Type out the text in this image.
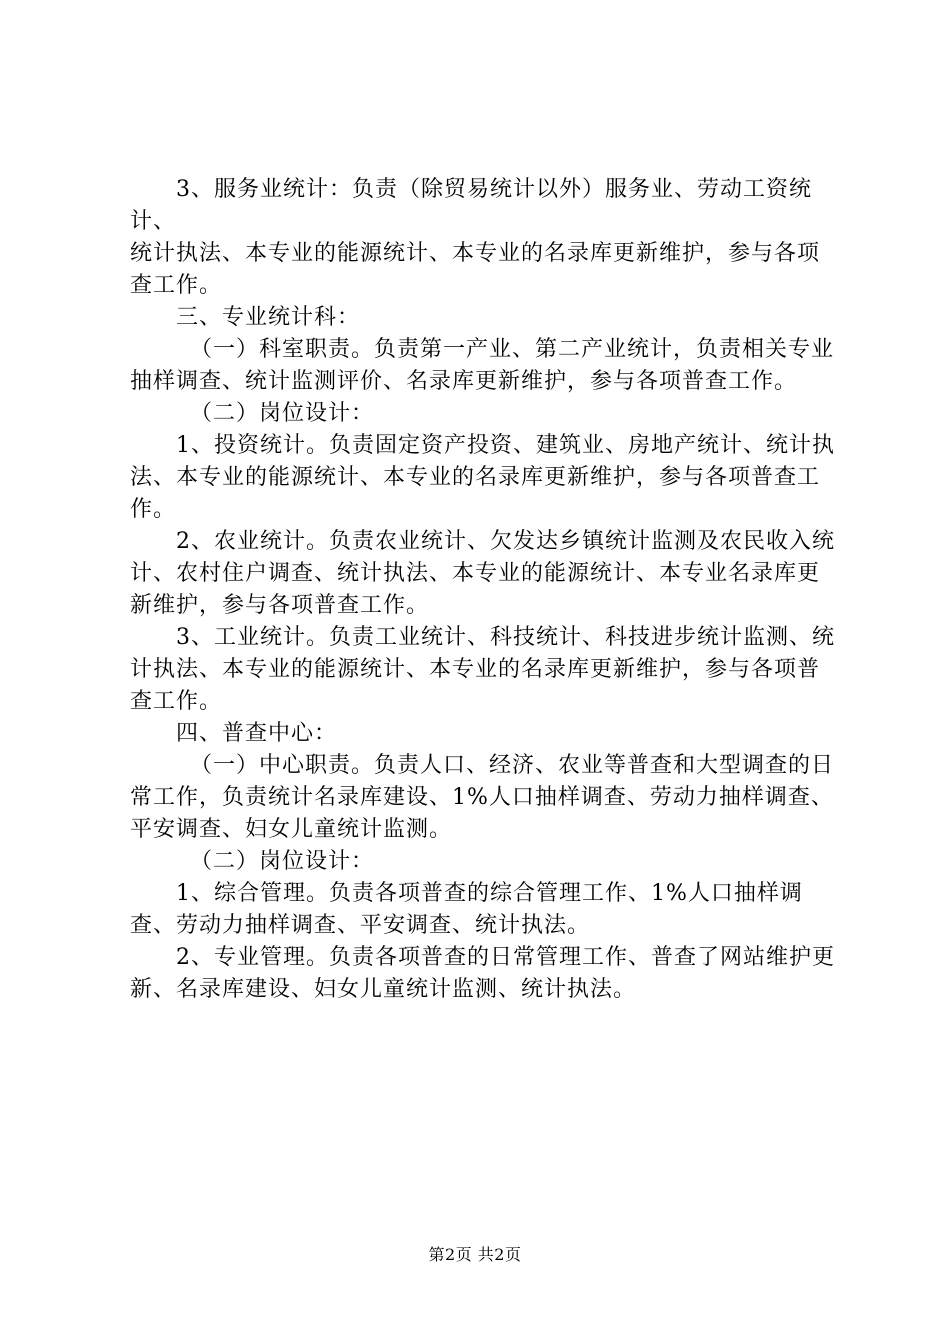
3、服务业统计：负责（除贸易统计以外）服务业、劳动工资统计、

统计执法、本专业的能源统计、本专业的名录库更新维护，参与各项

查工作。

三、专业统计科：

（一）科室职责。负责第一产业、第二产业统计，负责相关专业抽样调查、统计监测评价、名录库更新维护，参与各项普查工作。

（二）岗位设计：

1、投资统计。负责固定资产投资、建筑业、房地产统计、统计执法、本专业的能源统计、本专业的名录库更新维护，参与各项普查工作。

2、农业统计。负责农业统计、欠发达乡镇统计监测及农民收入统计、农村住户调查、统计执法、本专业的能源统计、本专业名录库更新维护，参与各项普查工作。

3、工业统计。负责工业统计、科技统计、科技进步统计监测、统计执法、本专业的能源统计、本专业的名录库更新维护，参与各项普查工作。

四、普查中心：

（一）中心职责。负责人口、经济、农业等普查和大型调查的日常工作，负责统计名录库建设、1%人口抽样调查、劳动力抽样调查、平安调查、妇女儿童统计监测。

（二）岗位设计：

1、综合管理。负责各项普查的综合管理工作、1%人口抽样调查、劳动力抽样调查、平安调查、统计执法。

2、专业管理。负责各项普查的日常管理工作、普查了网站维护更新、名录库建设、妇女儿童统计监测、统计执法。

第2页 共2页
